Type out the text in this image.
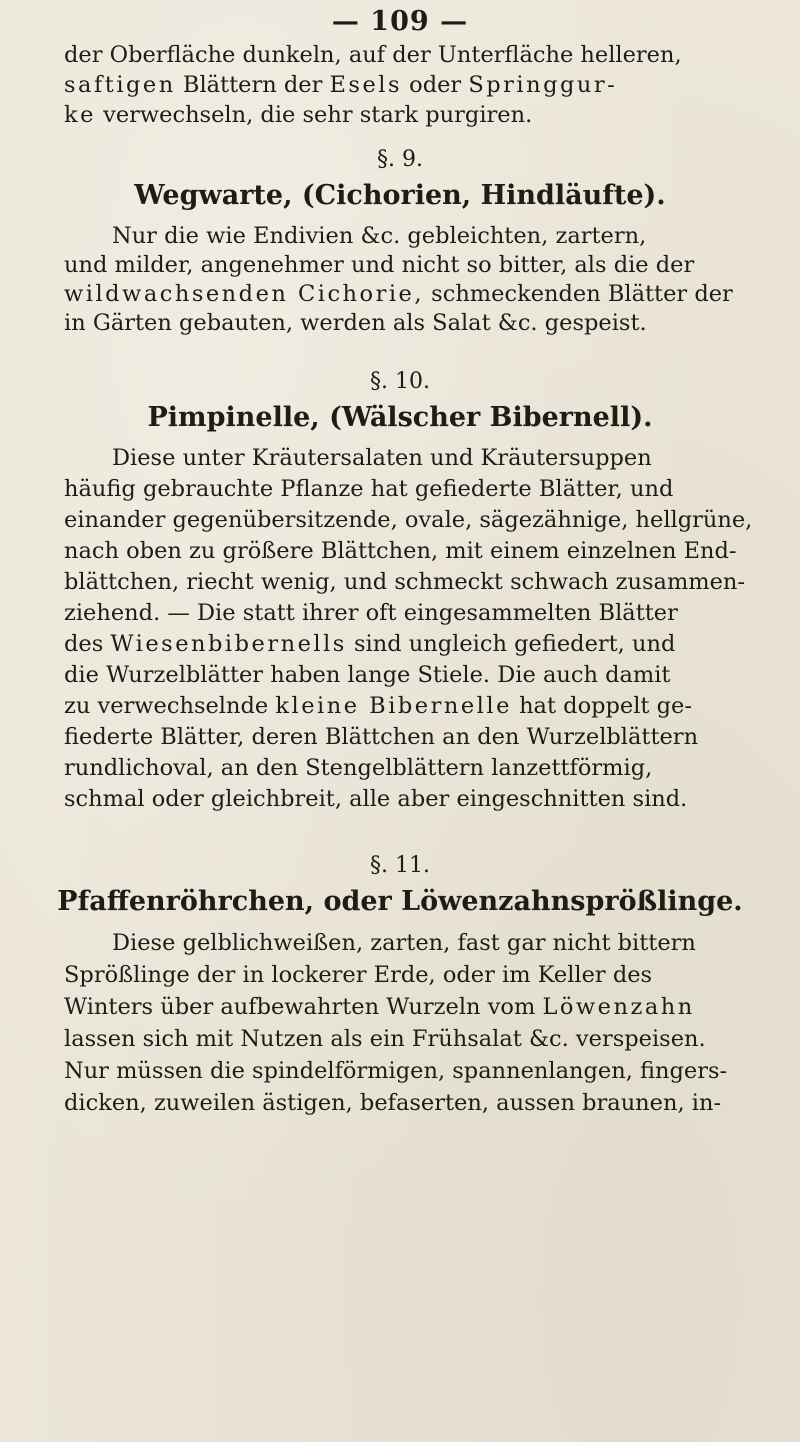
— 109 —
der Oberfläche dunkeln, auf der Unterfläche helleren,
saftigen Blättern der Esels oder Springgur-
ke verwechseln, die sehr stark purgiren.
§. 9.
Wegwarte, (Cichorien, Hindläufte).
Nur die wie Endivien &c. gebleichten, zartern,
und milder, angenehmer und nicht so bitter, als die der
wildwachsenden Cichorie, schmeckenden Blätter der
in Gärten gebauten, werden als Salat &c. gespeist.
§. 10.
Pimpinelle, (Wälscher Bibernell).
Diese unter Kräutersalaten und Kräutersuppen
häufig gebrauchte Pflanze hat gefiederte Blätter, und
einander gegenübersitzende, ovale, sägezähnige, hellgrüne,
nach oben zu größere Blättchen, mit einem einzelnen End-
blättchen, riecht wenig, und schmeckt schwach zusammen-
ziehend. — Die statt ihrer oft eingesammelten Blätter
des Wiesenbibernells sind ungleich gefiedert, und
die Wurzelblätter haben lange Stiele. Die auch damit
zu verwechselnde kleine Bibernelle hat doppelt ge-
fiederte Blätter, deren Blättchen an den Wurzelblättern
rundlichoval, an den Stengelblättern lanzettförmig,
schmal oder gleichbreit, alle aber eingeschnitten sind.
§. 11.
Pfaffenröhrchen, oder Löwenzahnsprößlinge.
Diese gelblichweißen, zarten, fast gar nicht bittern
Sprößlinge der in lockerer Erde, oder im Keller des
Winters über aufbewahrten Wurzeln vom Löwenzahn
lassen sich mit Nutzen als ein Frühsalat &c. verspeisen.
Nur müssen die spindelförmigen, spannenlangen, fingers-
dicken, zuweilen ästigen, befaserten, aussen braunen, in-
